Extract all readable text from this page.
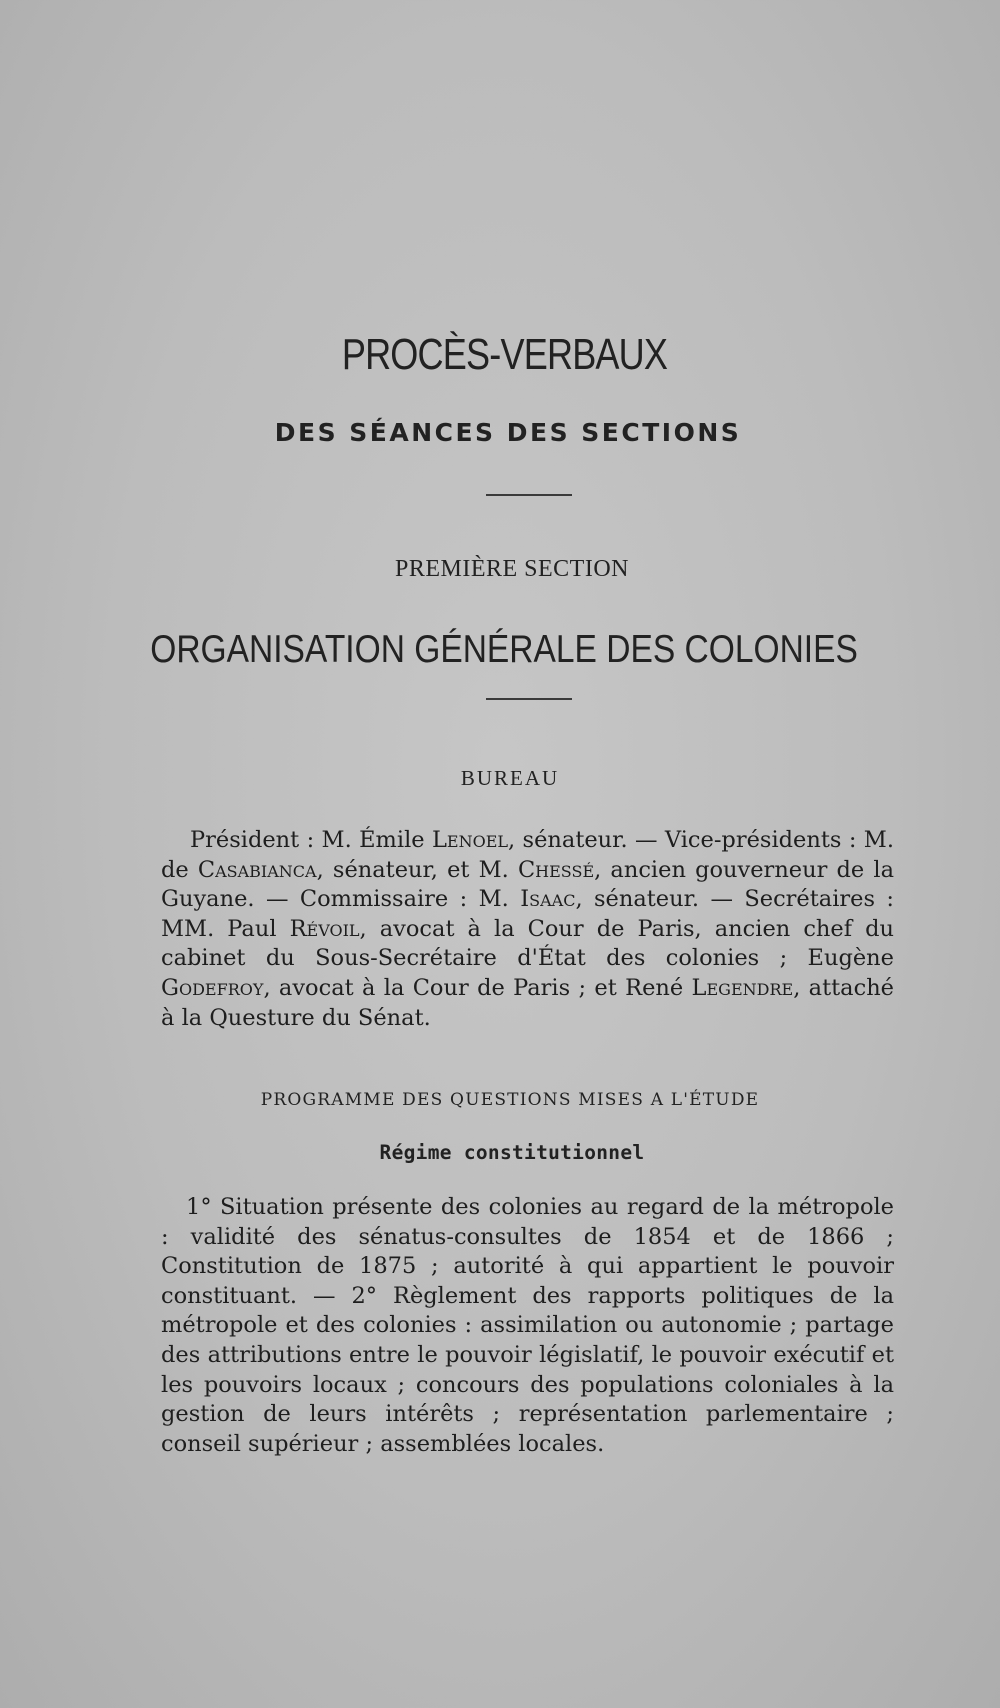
PROCÈS-VERBAUX
DES SÉANCES DES SECTIONS
PREMIÈRE SECTION
ORGANISATION GÉNÉRALE DES COLONIES
BUREAU

Président : M. Émile Lenoel, sénateur. — Vice-présidents : M. de Casabianca, sénateur, et M. Chessé, ancien gouverneur de la Guyane. — Commissaire : M. Isaac, sénateur. — Secrétaires : MM. Paul Révoil, avocat à la Cour de Paris, ancien chef du cabinet du Sous-Secrétaire d'État des colonies ; Eugène Godefroy, avocat à la Cour de Paris ; et René Legendre, attaché à la Questure du Sénat.

PROGRAMME DES QUESTIONS MISES A L'ÉTUDE
Régime constitutionnel

1° Situation présente des colonies au regard de la métropole : validité des sénatus-consultes de 1854 et de 1866 ; Constitution de 1875 ; autorité à qui appartient le pouvoir constituant. — 2° Règlement des rapports politiques de la métropole et des colonies : assimilation ou autonomie ; partage des attributions entre le pouvoir législatif, le pouvoir exécutif et les pouvoirs locaux ; concours des populations coloniales à la gestion de leurs intérêts ; représentation parlementaire ; conseil supérieur ; assemblées locales.
